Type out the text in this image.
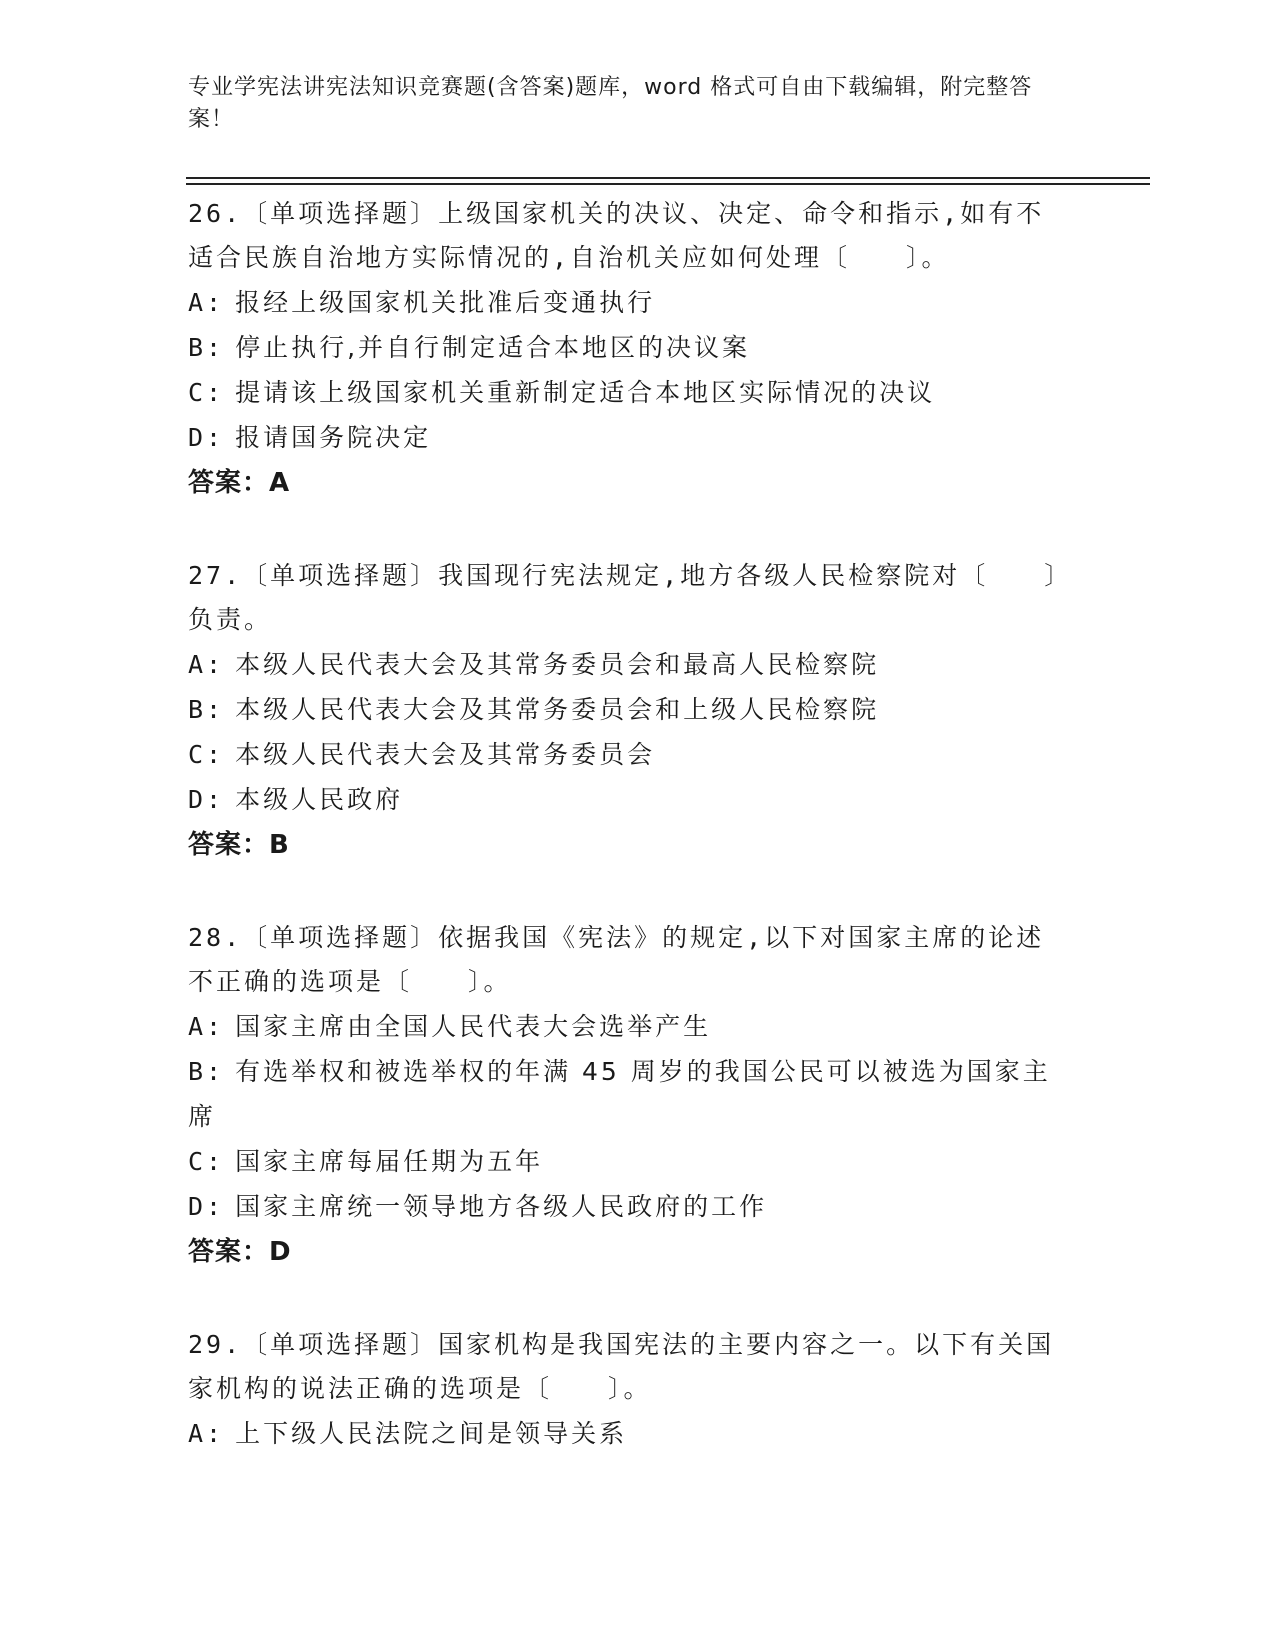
专业学宪法讲宪法知识竞赛题(含答案)题库，word 格式可自由下载编辑，附完整答案！

26.〔单项选择题〕上级国家机关的决议、决定、命令和指示,如有不适合民族自治地方实际情况的,自治机关应如何处理〔　　〕。

A: 报经上级国家机关批准后变通执行

B: 停止执行,并自行制定适合本地区的决议案

C: 提请该上级国家机关重新制定适合本地区实际情况的决议

D: 报请国务院决定

答案：A

27.〔单项选择题〕我国现行宪法规定,地方各级人民检察院对〔　　〕负责。

A: 本级人民代表大会及其常务委员会和最高人民检察院

B: 本级人民代表大会及其常务委员会和上级人民检察院

C: 本级人民代表大会及其常务委员会

D: 本级人民政府

答案：B

28.〔单项选择题〕依据我国《宪法》的规定,以下对国家主席的论述不正确的选项是〔　　〕。

A: 国家主席由全国人民代表大会选举产生

B: 有选举权和被选举权的年满 45 周岁的我国公民可以被选为国家主席

C: 国家主席每届任期为五年

D: 国家主席统一领导地方各级人民政府的工作

答案：D

29.〔单项选择题〕国家机构是我国宪法的主要内容之一。以下有关国家机构的说法正确的选项是〔　　〕。

A: 上下级人民法院之间是领导关系
